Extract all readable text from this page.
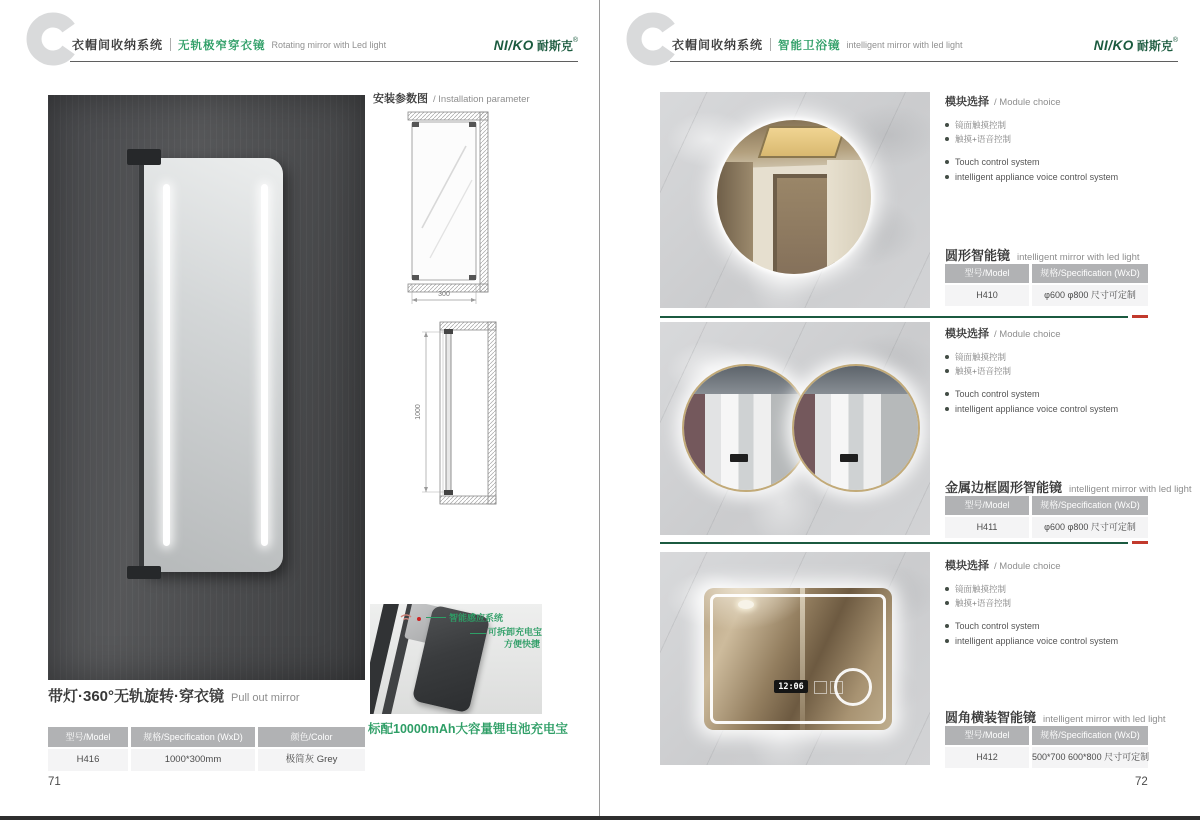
衣帽间收纳系统 无轨极窄穿衣镜 Rotating mirror with Led light	NI/KO 耐斯克®
安装参数图 / Installation parameter
300
1000
智能感应系统
可拆卸充电宝
方便快捷
标配10000mAh大容量锂电池充电宝
带灯·360°无轨旋转·穿衣镜 Pull out mirror
型号/Model	规格/Specification (WxD)	颜色/Color
H416	1000*300mm	极简灰 Grey
71
衣帽间收纳系统 智能卫浴镜 intelligent mirror with led light	NI/KO 耐斯克®
模块选择 / Module choice
镜面触摸控制
触摸+语音控制
Touch control system
intelligent appliance voice control system
圆形智能镜 intelligent mirror with led light
型号/Model	规格/Specification (WxD)
H410	φ600 φ800 尺寸可定制
模块选择 / Module choice
镜面触摸控制
触摸+语音控制
Touch control system
intelligent appliance voice control system
金属边框圆形智能镜 intelligent mirror with led light
型号/Model	规格/Specification (WxD)
H411	φ600 φ800 尺寸可定制
12:06
模块选择 / Module choice
镜面触摸控制
触摸+语音控制
Touch control system
intelligent appliance voice control system
圆角横装智能镜 intelligent mirror with led light
型号/Model	规格/Specification (WxD)
H412	500*700 600*800 尺寸可定制
72
